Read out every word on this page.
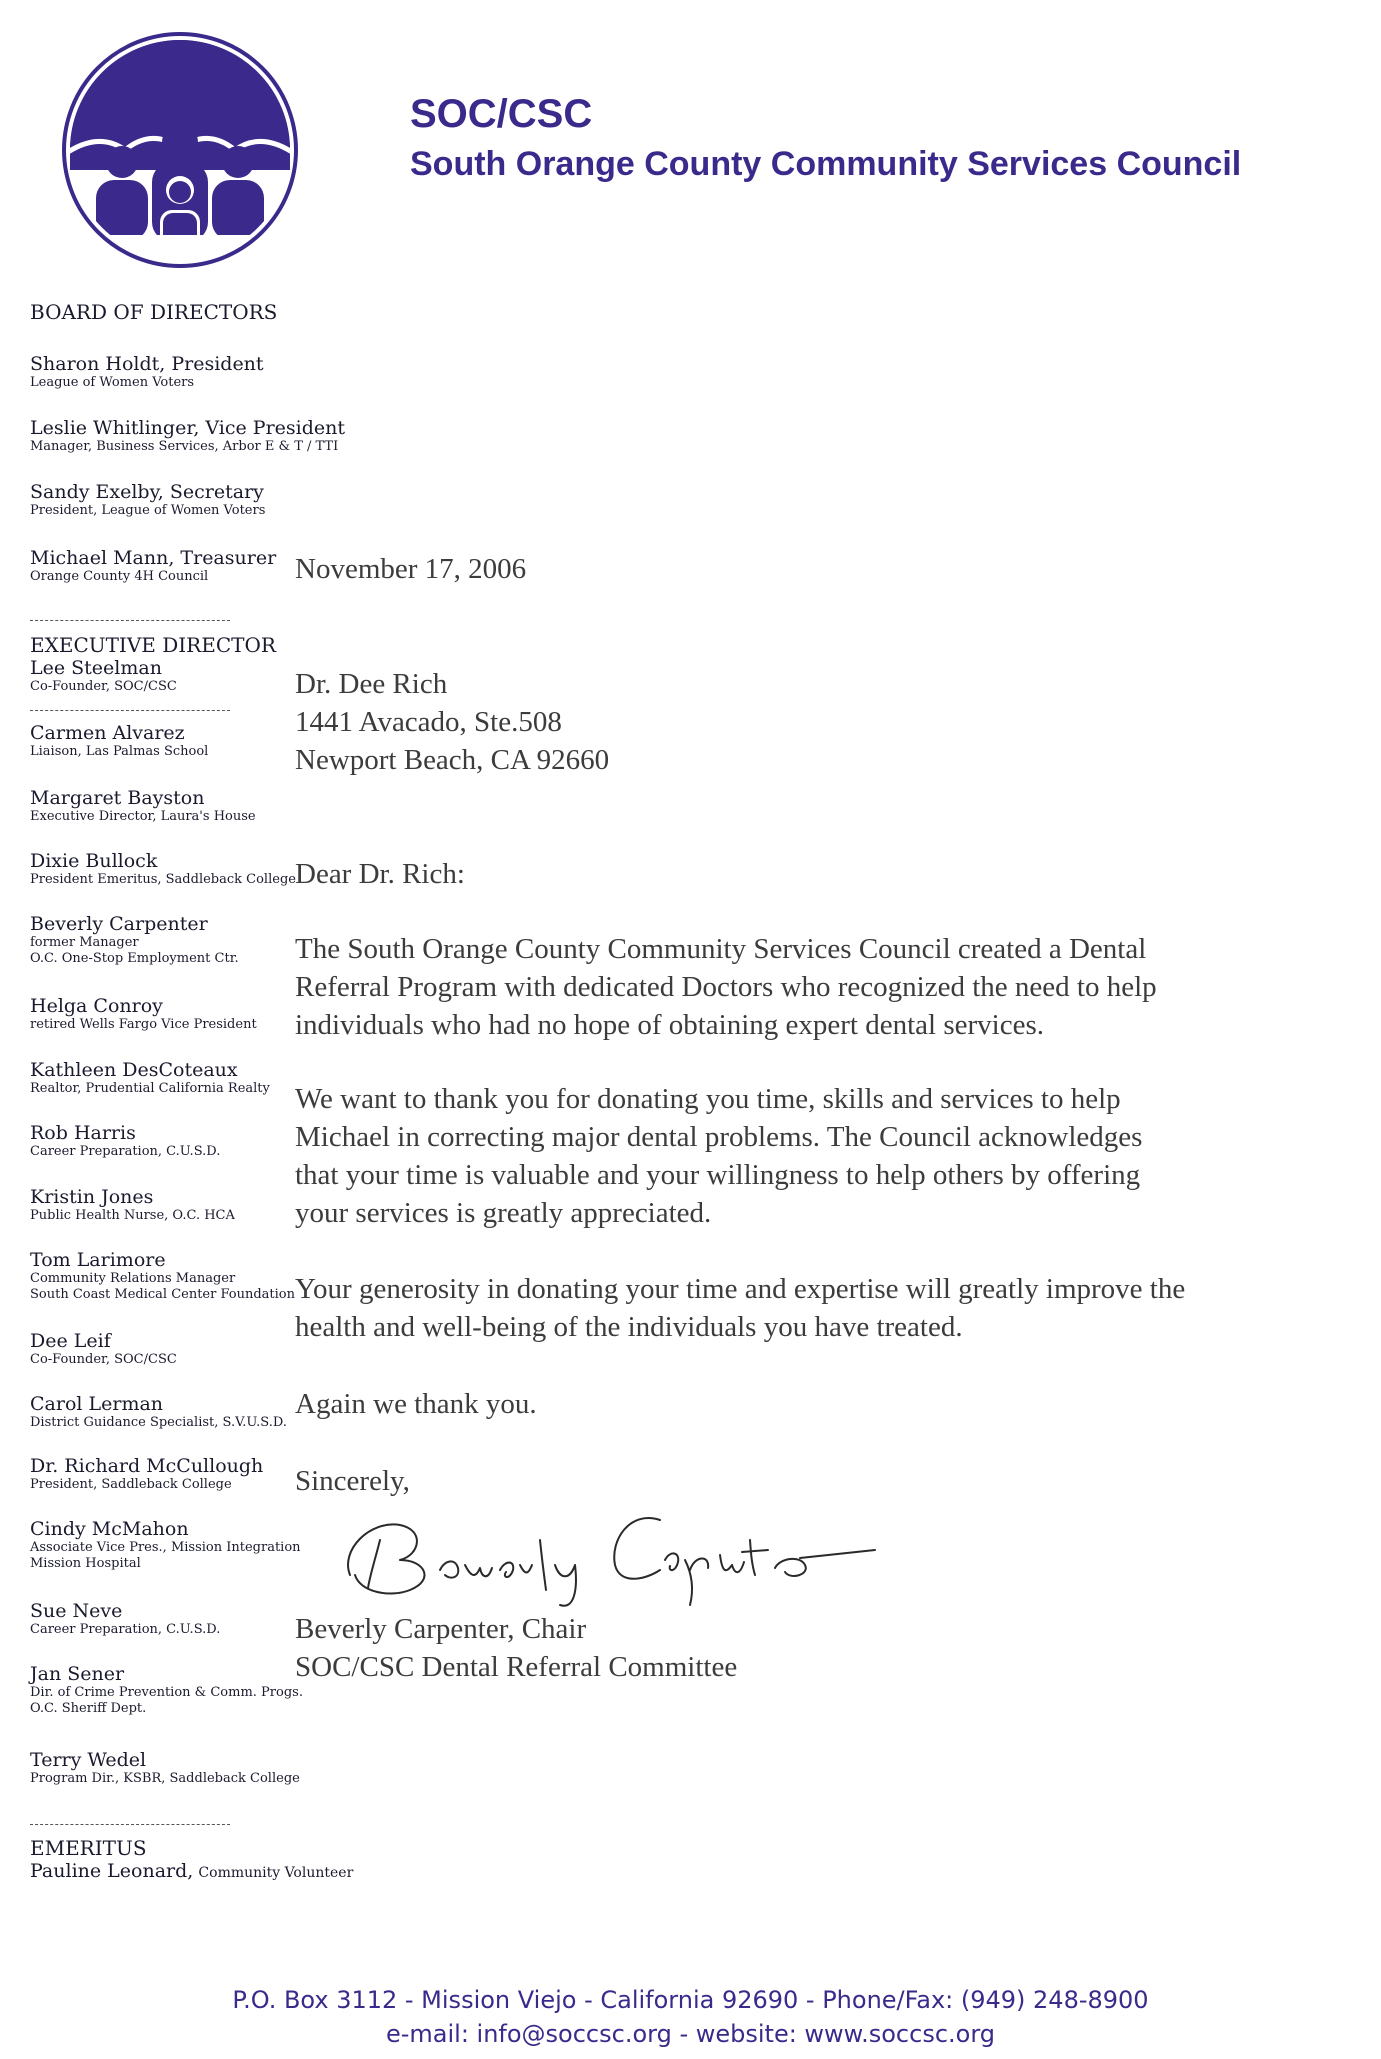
SOC/CSC
South Orange County Community Services Council
BOARD OF DIRECTORS
Sharon Holdt, President
League of Women Voters
Leslie Whitlinger, Vice President
Manager, Business Services, Arbor E & T / TTI
Sandy Exelby, Secretary
President, League of Women Voters
Michael Mann, Treasurer
Orange County 4H Council
EXECUTIVE DIRECTOR
Lee Steelman
Co-Founder, SOC/CSC
Carmen Alvarez
Liaison, Las Palmas School
Margaret Bayston
Executive Director, Laura's House
Dixie Bullock
President Emeritus, Saddleback College
Beverly Carpenter
former Manager
O.C. One-Stop Employment Ctr.
Helga Conroy
retired Wells Fargo Vice President
Kathleen DesCoteaux
Realtor, Prudential California Realty
Rob Harris
Career Preparation, C.U.S.D.
Kristin Jones
Public Health Nurse, O.C. HCA
Tom Larimore
Community Relations Manager
South Coast Medical Center Foundation
Dee Leif
Co-Founder, SOC/CSC
Carol Lerman
District Guidance Specialist, S.V.U.S.D.
Dr. Richard McCullough
President, Saddleback College
Cindy McMahon
Associate Vice Pres., Mission Integration
Mission Hospital
Sue Neve
Career Preparation, C.U.S.D.
Jan Sener
Dir. of Crime Prevention & Comm. Progs.
O.C. Sheriff Dept.
Terry Wedel
Program Dir., KSBR, Saddleback College
EMERITUS
Pauline Leonard, Community Volunteer
November 17, 2006
Dr. Dee Rich
1441 Avacado, Ste.508
Newport Beach, CA 92660
Dear Dr. Rich:
The South Orange County Community Services Council created a Dental
Referral Program with dedicated Doctors who recognized the need to help
individuals who had no hope of obtaining expert dental services.
We want to thank you for donating you time, skills and services to help
Michael in correcting major dental problems. The Council acknowledges
that your time is valuable and your willingness to help others by offering
your services is greatly appreciated.
Your generosity in donating your time and expertise will greatly improve the
health and well-being of the individuals you have treated.
Again we thank you.
Sincerely,
Beverly Carpenter, Chair
SOC/CSC Dental Referral Committee
P.O. Box 3112 - Mission Viejo - California 92690 - Phone/Fax: (949) 248-8900
e-mail: info@soccsc.org - website: www.soccsc.org
